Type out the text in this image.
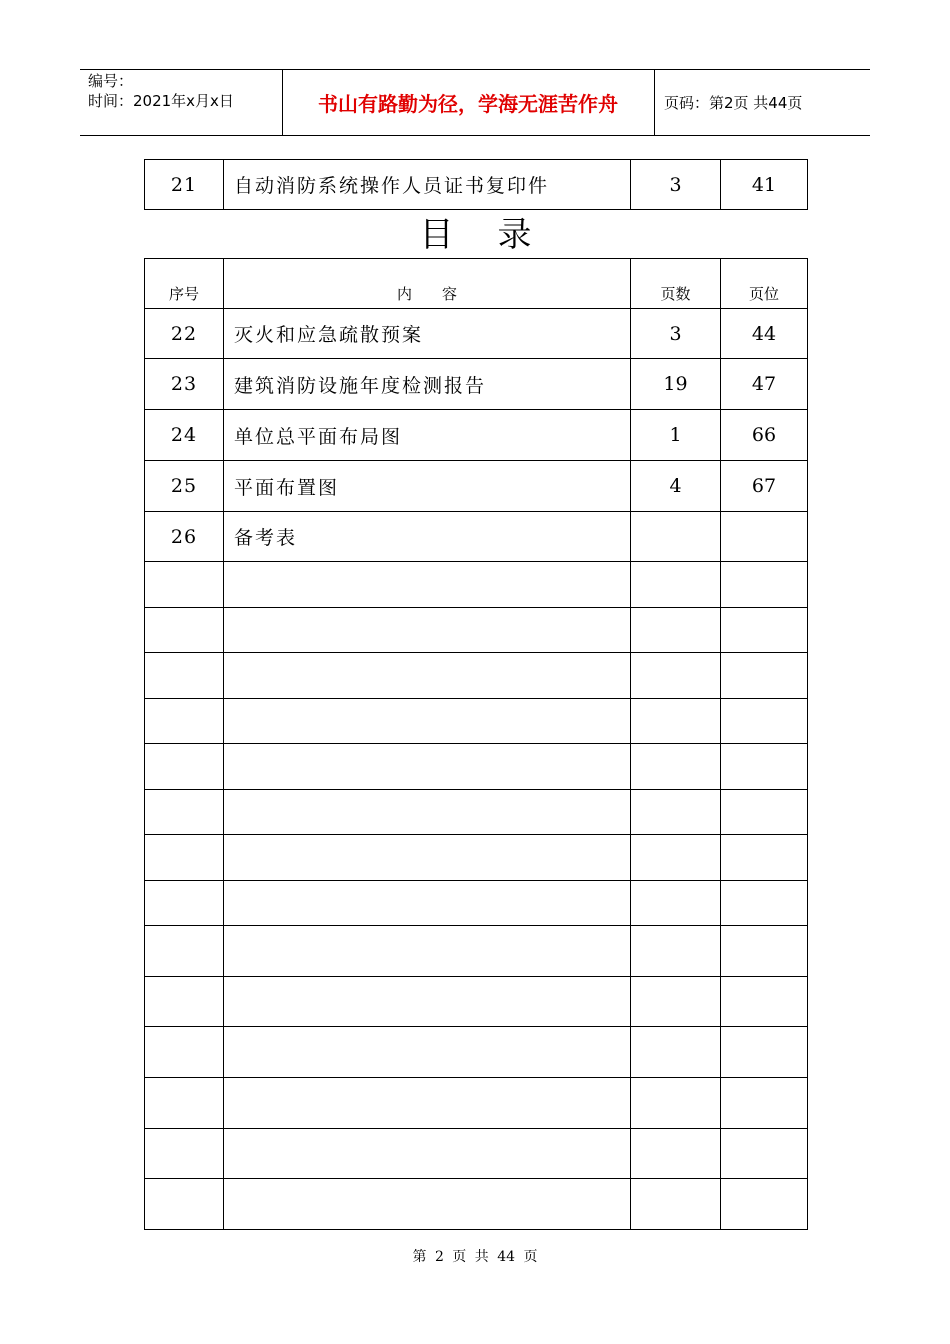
编号：
时间：2021年x月x日	书山有路勤为径，学海无涯苦作舟	页码：第2页 共44页
21	自动消防系统操作人员证书复印件	3	41
目录
序号	内　　容	页数	页位
22	灭火和应急疏散预案	3	44
23	建筑消防设施年度检测报告	19	47
24	单位总平面布局图	1	66
25	平面布置图	4	67
26	备考表		

第 2 页 共 44 页
